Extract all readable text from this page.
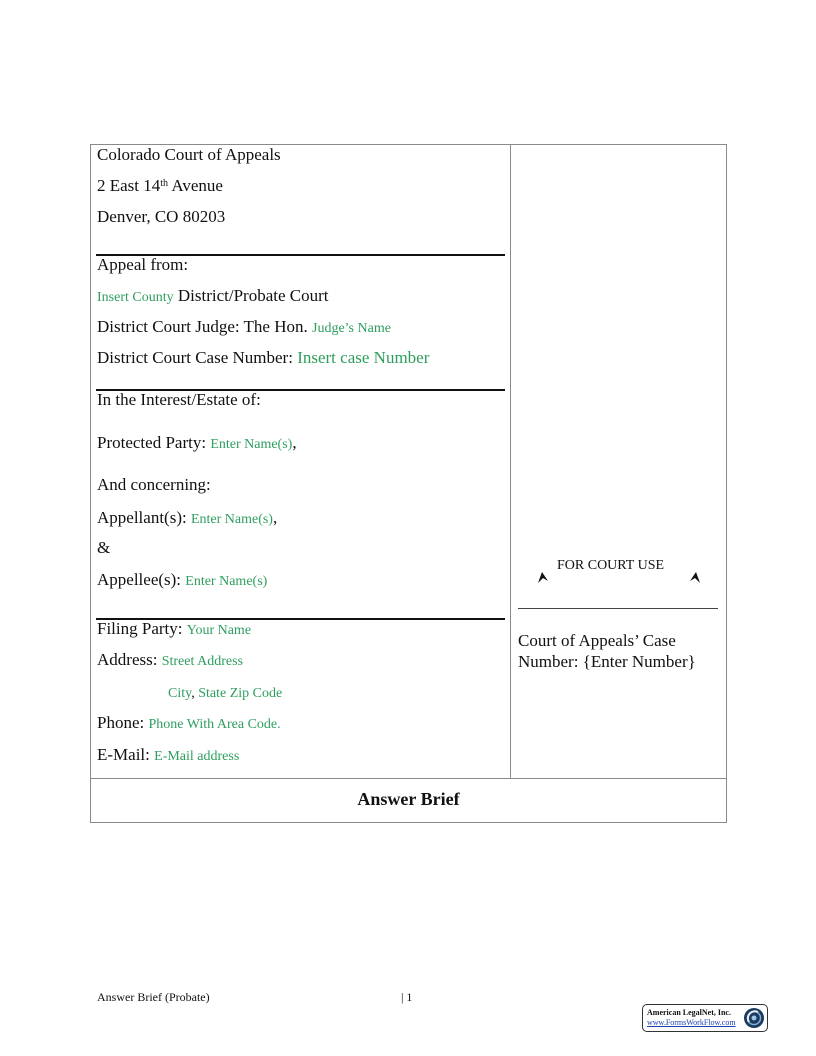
Colorado Court of Appeals
2 East 14th Avenue
Denver, CO 80203
Appeal from:
Insert County District/Probate Court
District Court Judge: The Hon. Judge’s Name
District Court Case Number: Insert case Number
In the Interest/Estate of:
Protected Party: Enter Name(s),
And concerning:
Appellant(s): Enter Name(s),
&
Appellee(s): Enter Name(s)
Filing Party: Your Name
Address: Street Address
City, State Zip Code
Phone: Phone With Area Code.
E-Mail: E-Mail address
FOR COURT USE
Court of Appeals’ Case Number: {Enter Number}
Answer Brief
Answer Brief (Probate)	| 1
American LegalNet, Inc.
www.FormsWorkFlow.com
